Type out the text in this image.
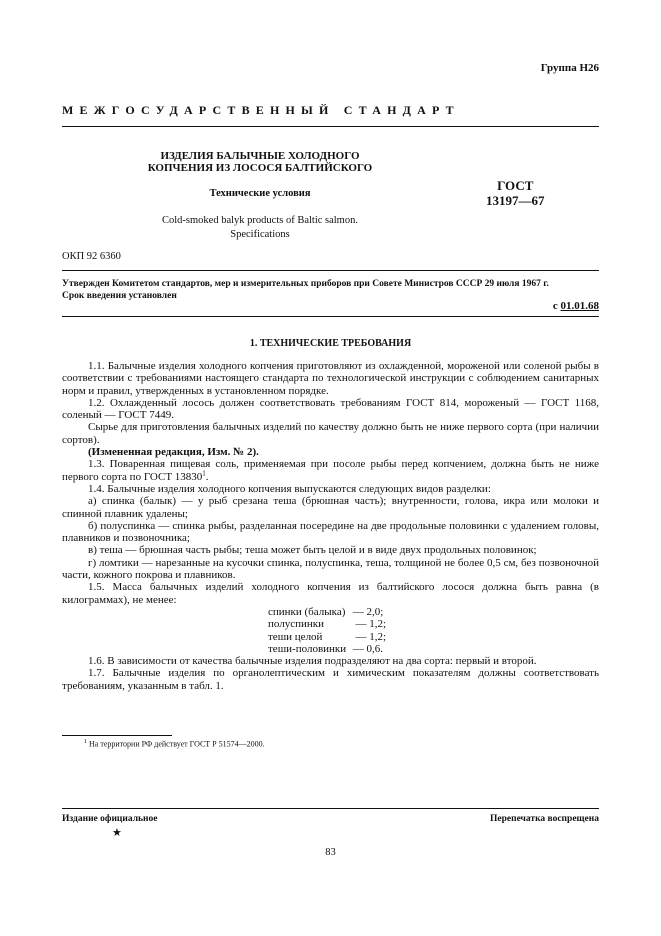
Группа Н26
МЕЖГОСУДАРСТВЕННЫЙ СТАНДАРТ
ИЗДЕЛИЯ БАЛЫЧНЫЕ ХОЛОДНОГО
КОПЧЕНИЯ ИЗ ЛОСОСЯ БАЛТИЙСКОГО
Технические условия
Cold-smoked balyk products of Baltic salmon.
Specifications
ГОСТ
13197—67
ОКП 92 6360
Утвержден Комитетом стандартов, мер и измерительных приборов при Совете Министров СССР 29 июля 1967 г.
Срок введения установлен
с 01.01.68
1. ТЕХНИЧЕСКИЕ ТРЕБОВАНИЯ

1.1. Балычные изделия холодного копчения приготовляют из охлажденной, мороженой или соленой рыбы в соответствии с требованиями настоящего стандарта по технологической инструкции с соблюдением санитарных норм и правил, утвержденных в установленном порядке.

1.2. Охлажденный лосось должен соответствовать требованиям ГОСТ 814, мороженый — ГОСТ 1168, соленый — ГОСТ 7449.

Сырье для приготовления балычных изделий по качеству должно быть не ниже первого сорта (при наличии сортов).

(Измененная редакция, Изм. № 2).

1.3. Поваренная пищевая соль, применяемая при посоле рыбы перед копчением, должна быть не ниже первого сорта по ГОСТ 13830$^1$.

1.4. Балычные изделия холодного копчения выпускаются следующих видов разделки:

а) спинка (балык) — у рыб срезана теша (брюшная часть); внутренности, голова, икра или молоки и спинной плавник удалены;

б) полуспинка — спинка рыбы, разделанная посередине на две продольные половинки с удалением головы, плавников и позвоночника;

в) теша — брюшная часть рыбы; теша может быть целой и в виде двух продольных половинок;

г) ломтики — нарезанные на кусочки спинка, полуспинка, теша, толщиной не более 0,5 см, без позвоночной части, кожного покрова и плавников.

1.5. Масса балычных изделий холодного копчения из балтийского лосося должна быть равна (в килограммах), не менее:

спинки (балыка) — 2,0;
полуспинки	— 1,2;
теши целой	— 1,2;
теши-половинки — 0,6.

1.6. В зависимости от качества балычные изделия подразделяют на два сорта: первый и второй.

1.7. Балычные изделия по органолептическим и химическим показателям должны соответствовать требованиям, указанным в табл. 1.

$^1$ На территории РФ действует ГОСТ Р 51574—2000.
Издание официальное
★
Перепечатка воспрещена
83
